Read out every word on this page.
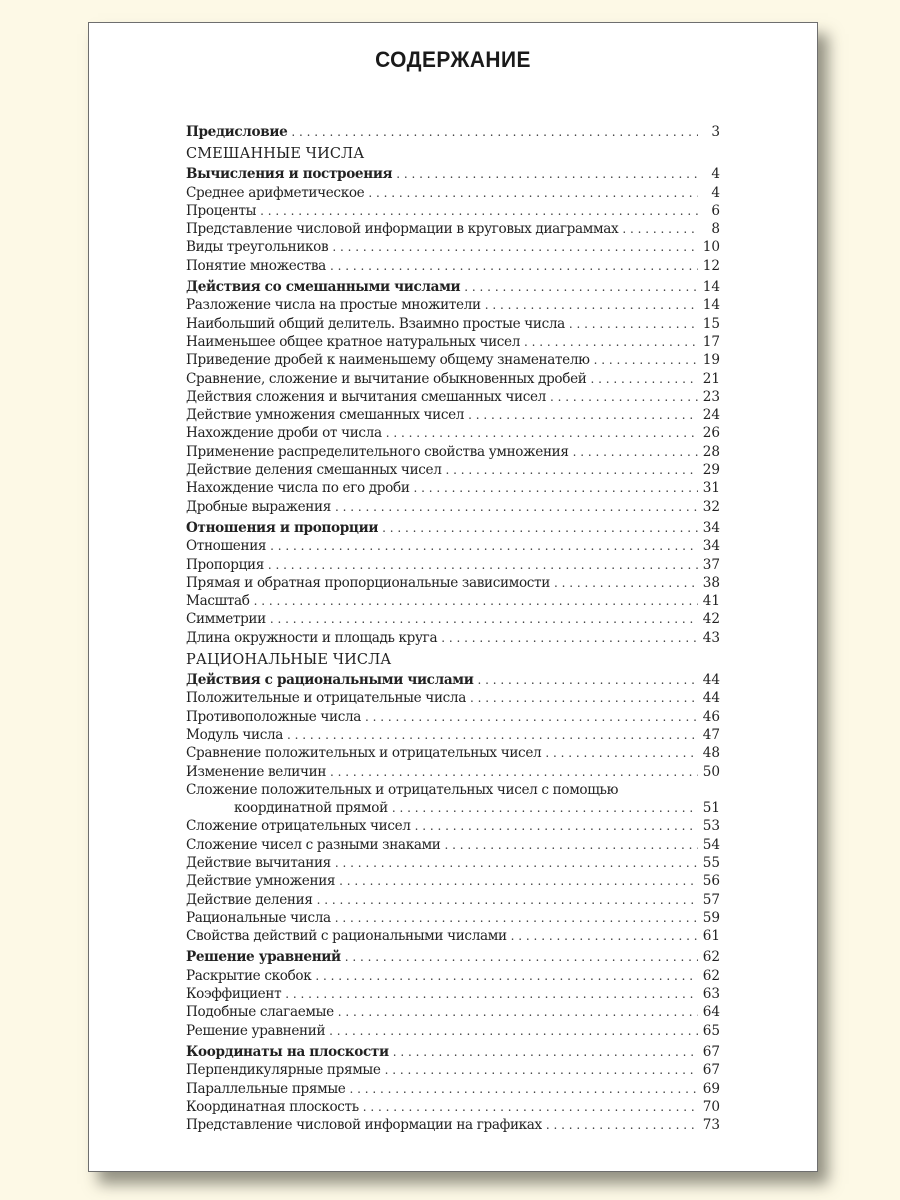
СОДЕРЖАНИЕ
Предисловие . . .	3
СМЕШАННЫЕ ЧИСЛА
Вычисления и построения . . .	4
Среднее арифметическое . . .	4
Проценты . . .	6
Представление числовой информации в круговых диаграммах . . .	8
Виды треугольников . . .	10
Понятие множества . . .	12
Действия со смешанными числами . . .	14
Разложение числа на простые множители . . .	14
Наибольший общий делитель. Взаимно простые числа . . .	15
Наименьшее общее кратное натуральных чисел . . .	17
Приведение дробей к наименьшему общему знаменателю . . .	19
Сравнение, сложение и вычитание обыкновенных дробей . . .	21
Действия сложения и вычитания смешанных чисел . . .	23
Действие умножения смешанных чисел . . .	24
Нахождение дроби от числа . . .	26
Применение распределительного свойства умножения . . .	28
Действие деления смешанных чисел . . .	29
Нахождение числа по его дроби . . .	31
Дробные выражения . . .	32
Отношения и пропорции . . .	34
Отношения . . .	34
Пропорция . . .	37
Прямая и обратная пропорциональные зависимости . . .	38
Масштаб . . .	41
Симметрии . . .	42
Длина окружности и площадь круга . . .	43
РАЦИОНАЛЬНЫЕ ЧИСЛА
Действия с рациональными числами . . .	44
Положительные и отрицательные числа . . .	44
Противоположные числа . . .	46
Модуль числа . . .	47
Сравнение положительных и отрицательных чисел . . .	48
Изменение величин . . .	50
Сложение положительных и отрицательных чисел с помощью
координатной прямой . . .	51
Сложение отрицательных чисел . . .	53
Сложение чисел с разными знаками . . .	54
Действие вычитания . . .	55
Действие умножения . . .	56
Действие деления . . .	57
Рациональные числа . . .	59
Свойства действий с рациональными числами . . .	61
Решение уравнений . . .	62
Раскрытие скобок . . .	62
Коэффициент . . .	63
Подобные слагаемые . . .	64
Решение уравнений . . .	65
Координаты на плоскости . . .	67
Перпендикулярные прямые . . .	67
Параллельные прямые . . .	69
Координатная плоскость . . .	70
Представление числовой информации на графиках . . .	73
